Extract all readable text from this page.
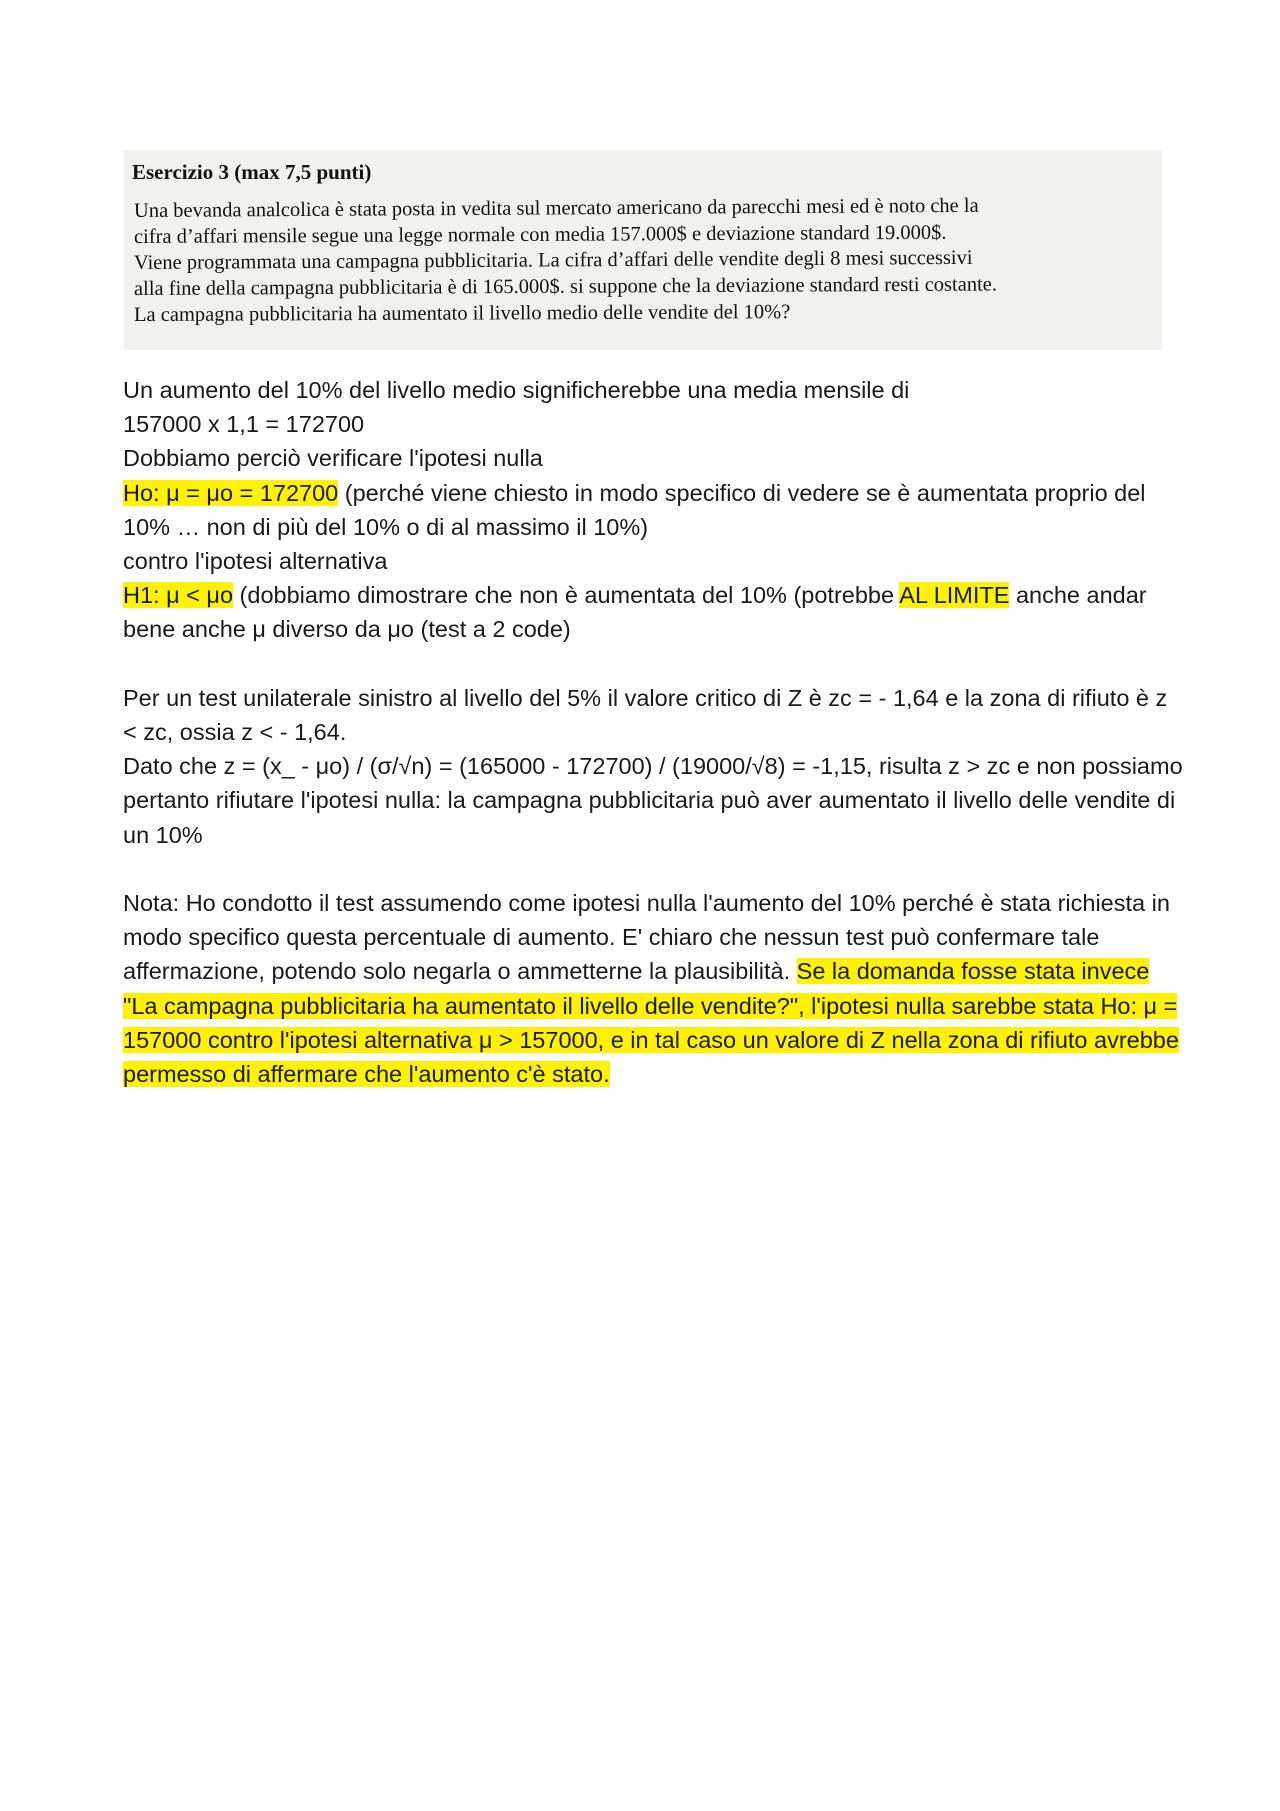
Esercizio 3 (max 7,5 punti)
Una bevanda analcolica è stata posta in vedita sul mercato americano da parecchi mesi ed è noto che la
cifra d’affari mensile segue una legge normale con media 157.000$ e deviazione standard 19.000$.
Viene programmata una campagna pubblicitaria. La cifra d’affari delle vendite degli 8 mesi successivi
alla fine della campagna pubblicitaria è di 165.000$. si suppone che la deviazione standard resti costante.
La campagna pubblicitaria ha aumentato il livello medio delle vendite del 10%?

Un aumento del 10% del livello medio significherebbe una media mensile di

157000 x 1,1 = 172700

Dobbiamo perciò verificare l'ipotesi nulla

Ho: μ = μo = 172700 (perché viene chiesto in modo specifico di vedere se è aumentata proprio del 10% … non di più del 10% o di al massimo il 10%)

contro l'ipotesi alternativa

H1: μ < μo (dobbiamo dimostrare che non è aumentata del 10% (potrebbe AL LIMITE anche andar bene anche μ diverso da μo (test a 2 code)

Per un test unilaterale sinistro al livello del 5% il valore critico di Z è zc = - 1,64 e la zona di rifiuto è z < zc, ossia z < - 1,64.

Dato che z = (x_ - μo) / (σ/√n) = (165000 - 172700) / (19000/√8) = -1,15, risulta z > zc e non possiamo pertanto rifiutare l'ipotesi nulla: la campagna pubblicitaria può aver aumentato il livello delle vendite di un 10%

Nota: Ho condotto il test assumendo come ipotesi nulla l'aumento del 10% perché è stata richiesta in modo specifico questa percentuale di aumento. E' chiaro che nessun test può confermare tale affermazione, potendo solo negarla o ammetterne la plausibilità. Se la domanda fosse stata invece "La campagna pubblicitaria ha aumentato il livello delle vendite?", l'ipotesi nulla sarebbe stata Ho: μ = 157000 contro l'ipotesi alternativa μ > 157000, e in tal caso un valore di Z nella zona di rifiuto avrebbe permesso di affermare che l'aumento c'è stato.
